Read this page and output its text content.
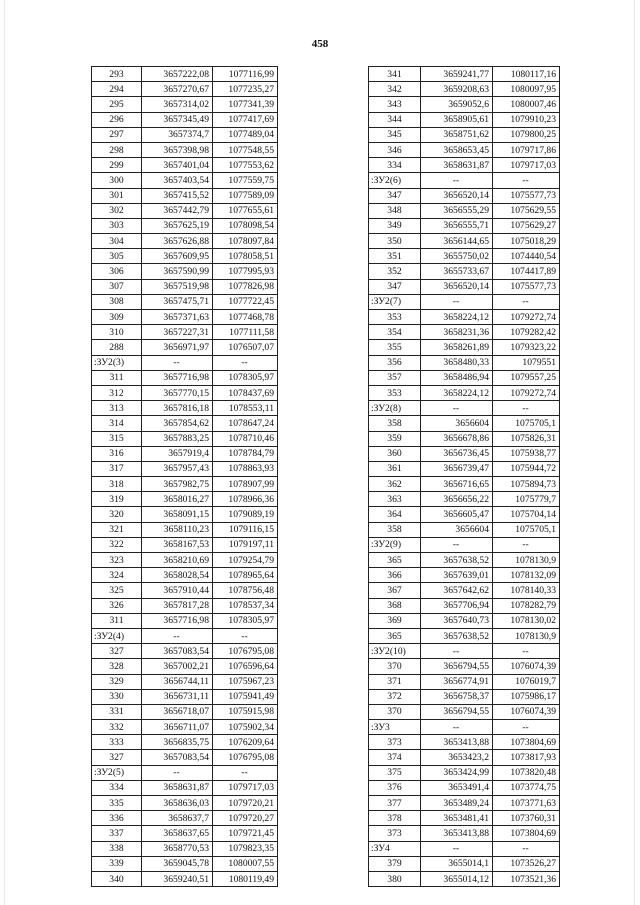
458
293	3657222,08	1077116,99
294	3657270,67	1077235,27
295	3657314,02	1077341,39
296	3657345,49	1077417,69
297	3657374,7	1077489,04
298	3657398,98	1077548,55
299	3657401,04	1077553,62
300	3657403,54	1077559,75
301	3657415,52	1077589,09
302	3657442,79	1077655,61
303	3657625,19	1078098,54
304	3657626,88	1078097,84
305	3657609,95	1078058,51
306	3657590,99	1077995,93
307	3657519,98	1077826,98
308	3657475,71	1077722,45
309	3657371,63	1077468,78
310	3657227,31	1077111,58
288	3656971,97	1076507,07
:ЗУ2(3)	--	--
311	3657716,98	1078305,97
312	3657770,15	1078437,69
313	3657816,18	1078553,11
314	3657854,62	1078647,24
315	3657883,25	1078710,46
316	3657919,4	1078784,79
317	3657957,43	1078863,93
318	3657982,75	1078907,99
319	3658016,27	1078966,36
320	3658091,15	1079089,19
321	3658110,23	1079116,15
322	3658167,53	1079197,11
323	3658210,69	1079254,79
324	3658028,54	1078965,64
325	3657910,44	1078756,48
326	3657817,28	1078537,34
311	3657716,98	1078305,97
:ЗУ2(4)	--	--
327	3657083,54	1076795,08
328	3657002,21	1076596,64
329	3656744,11	1075967,23
330	3656731,11	1075941,49
331	3656718,07	1075915,98
332	3656711,07	1075902,34
333	3656835,75	1076209,64
327	3657083,54	1076795,08
:ЗУ2(5)	--	--
334	3658631,87	1079717,03
335	3658636,03	1079720,21
336	3658637,7	1079720,27
337	3658637,65	1079721,45
338	3658770,53	1079823,35
339	3659045,78	1080007,55
340	3659240,51	1080119,49
341	3659241,77	1080117,16
342	3659208,63	1080097,95
343	3659052,6	1080007,46
344	3658905,61	1079910,23
345	3658751,62	1079800,25
346	3658653,45	1079717,86
334	3658631,87	1079717,03
:ЗУ2(6)	--	--
347	3656520,14	1075577,73
348	3656555,29	1075629,55
349	3656555,71	1075629,27
350	3656144,65	1075018,29
351	3655750,02	1074440,54
352	3655733,67	1074417,89
347	3656520,14	1075577,73
:ЗУ2(7)	--	--
353	3658224,12	1079272,74
354	3658231,36	1079282,42
355	3658261,89	1079323,22
356	3658480,33	1079551
357	3658486,94	1079557,25
353	3658224,12	1079272,74
:ЗУ2(8)	--	--
358	3656604	1075705,1
359	3656678,86	1075826,31
360	3656736,45	1075938,77
361	3656739,47	1075944,72
362	3656716,65	1075894,73
363	3656656,22	1075779,7
364	3656605,47	1075704,14
358	3656604	1075705,1
:ЗУ2(9)	--	--
365	3657638,52	1078130,9
366	3657639,01	1078132,09
367	3657642,62	1078140,33
368	3657706,94	1078282,79
369	3657640,73	1078130,02
365	3657638,52	1078130,9
:ЗУ2(10)	--	--
370	3656794,55	1076074,39
371	3656774,91	1076019,7
372	3656758,37	1075986,17
370	3656794,55	1076074,39
:ЗУ3	--	--
373	3653413,88	1073804,69
374	3653423,2	1073817,93
375	3653424,99	1073820,48
376	3653491,4	1073774,75
377	3653489,24	1073771,63
378	3653481,41	1073760,31
373	3653413,88	1073804,69
:ЗУ4	--	--
379	3655014,1	1073526,27
380	3655014,12	1073521,36
